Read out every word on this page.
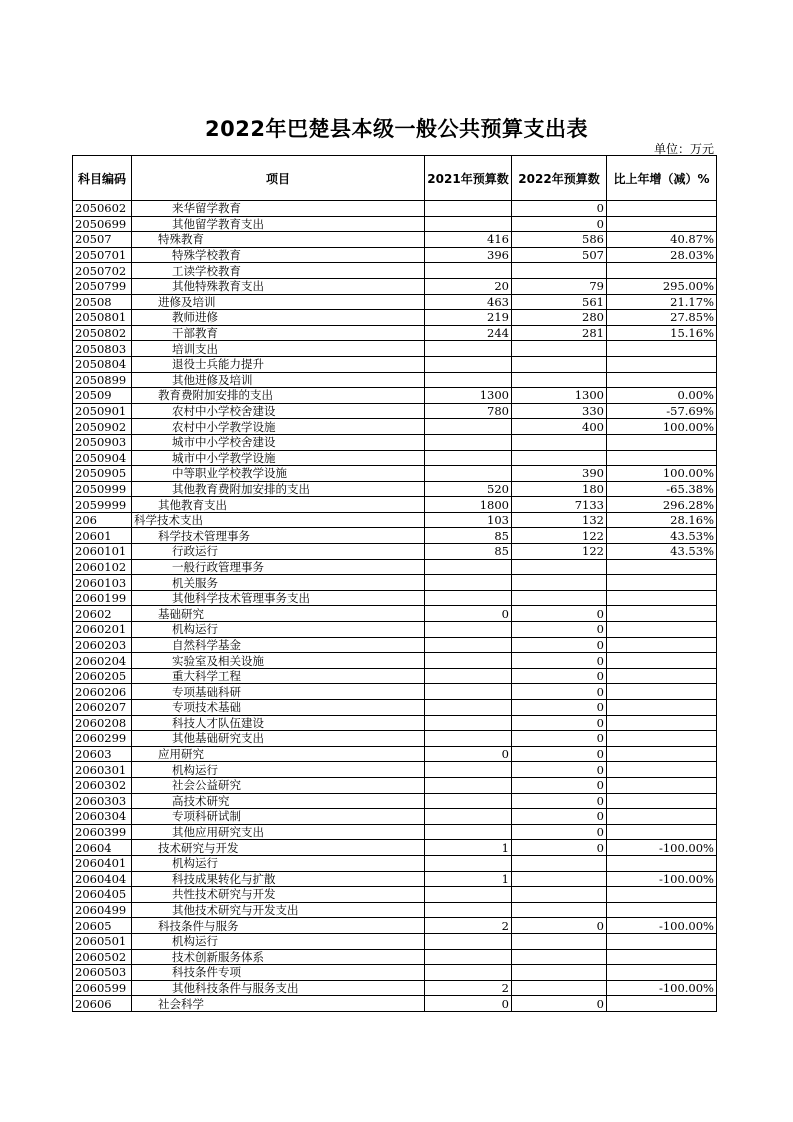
2022年巴楚县本级一般公共预算支出表
单位：万元
科目编码	项目	2021年预算数	2022年预算数	比上年增（减）%
2050602	来华留学教育		0	
2050699	其他留学教育支出		0	
20507	特殊教育	416	586	40.87%
2050701	特殊学校教育	396	507	28.03%
2050702	工读学校教育			
2050799	其他特殊教育支出	20	79	295.00%
20508	进修及培训	463	561	21.17%
2050801	教师进修	219	280	27.85%
2050802	干部教育	244	281	15.16%
2050803	培训支出			
2050804	退役士兵能力提升			
2050899	其他进修及培训			
20509	教育费附加安排的支出	1300	1300	0.00%
2050901	农村中小学校舍建设	780	330	-57.69%
2050902	农村中小学教学设施		400	100.00%
2050903	城市中小学校舍建设			
2050904	城市中小学教学设施			
2050905	中等职业学校教学设施		390	100.00%
2050999	其他教育费附加安排的支出	520	180	-65.38%
2059999	其他教育支出	1800	7133	296.28%
206	科学技术支出	103	132	28.16%
20601	科学技术管理事务	85	122	43.53%
2060101	行政运行	85	122	43.53%
2060102	一般行政管理事务			
2060103	机关服务			
2060199	其他科学技术管理事务支出			
20602	基础研究	0	0	
2060201	机构运行		0	
2060203	自然科学基金		0	
2060204	实验室及相关设施		0	
2060205	重大科学工程		0	
2060206	专项基础科研		0	
2060207	专项技术基础		0	
2060208	科技人才队伍建设		0	
2060299	其他基础研究支出		0	
20603	应用研究	0	0	
2060301	机构运行		0	
2060302	社会公益研究		0	
2060303	高技术研究		0	
2060304	专项科研试制		0	
2060399	其他应用研究支出		0	
20604	技术研究与开发	1	0	-100.00%
2060401	机构运行			
2060404	科技成果转化与扩散	1		-100.00%
2060405	共性技术研究与开发			
2060499	其他技术研究与开发支出			
20605	科技条件与服务	2	0	-100.00%
2060501	机构运行			
2060502	技术创新服务体系			
2060503	科技条件专项			
2060599	其他科技条件与服务支出	2		-100.00%
20606	社会科学	0	0	
